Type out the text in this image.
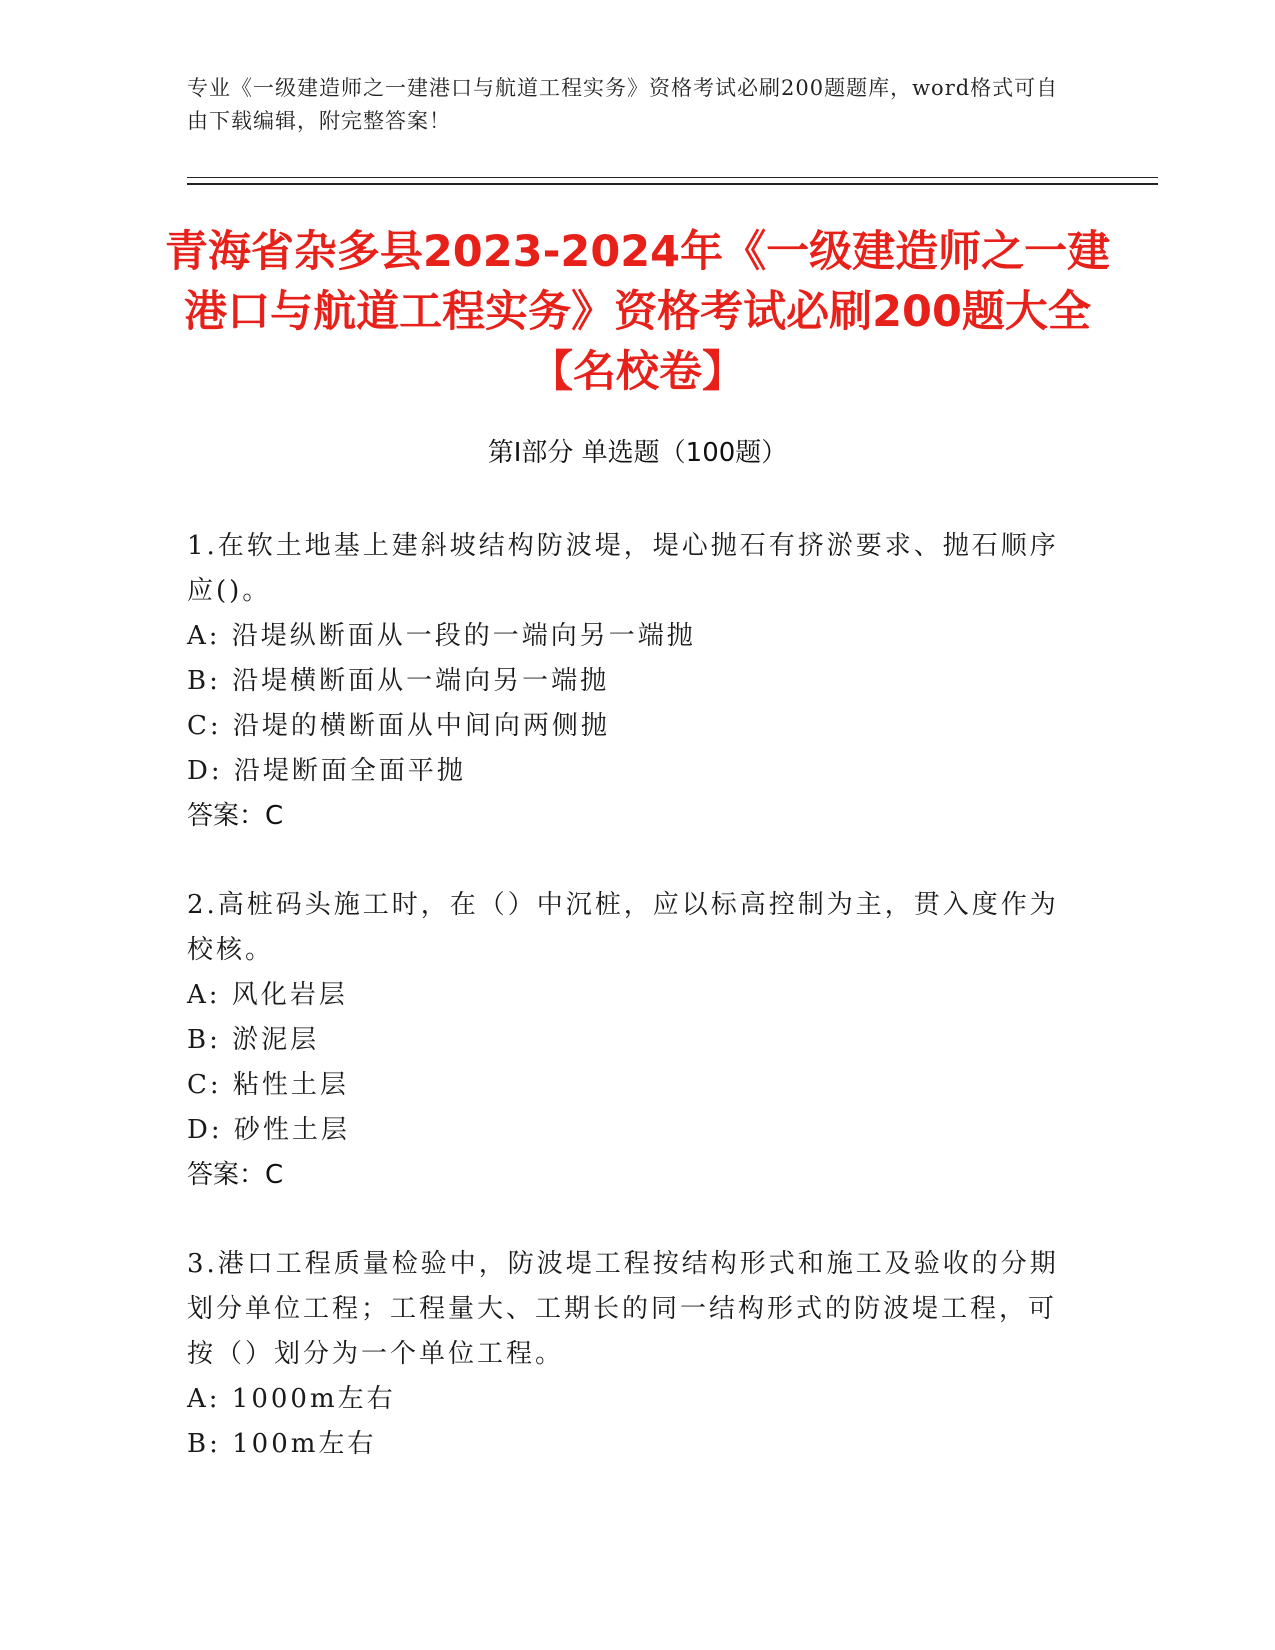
专业《一级建造师之一建港口与航道工程实务》资格考试必刷200题题库，word格式可自由下载编辑，附完整答案！
青海省杂多县2023-2024年《一级建造师之一建港口与航道工程实务》资格考试必刷200题大全【名校卷】
第I部分 单选题（100题）
1.在软土地基上建斜坡结构防波堤，堤心抛石有挤淤要求、抛石顺序应()。
A: 沿堤纵断面从一段的一端向另一端抛
B: 沿堤横断面从一端向另一端抛
C: 沿堤的横断面从中间向两侧抛
D: 沿堤断面全面平抛
答案：C
2.高桩码头施工时，在（）中沉桩，应以标高控制为主，贯入度作为校核。
A: 风化岩层
B: 淤泥层
C: 粘性土层
D: 砂性土层
答案：C
3.港口工程质量检验中，防波堤工程按结构形式和施工及验收的分期划分单位工程；工程量大、工期长的同一结构形式的防波堤工程，可按（）划分为一个单位工程。
A: 1000m左右
B: 100m左右
